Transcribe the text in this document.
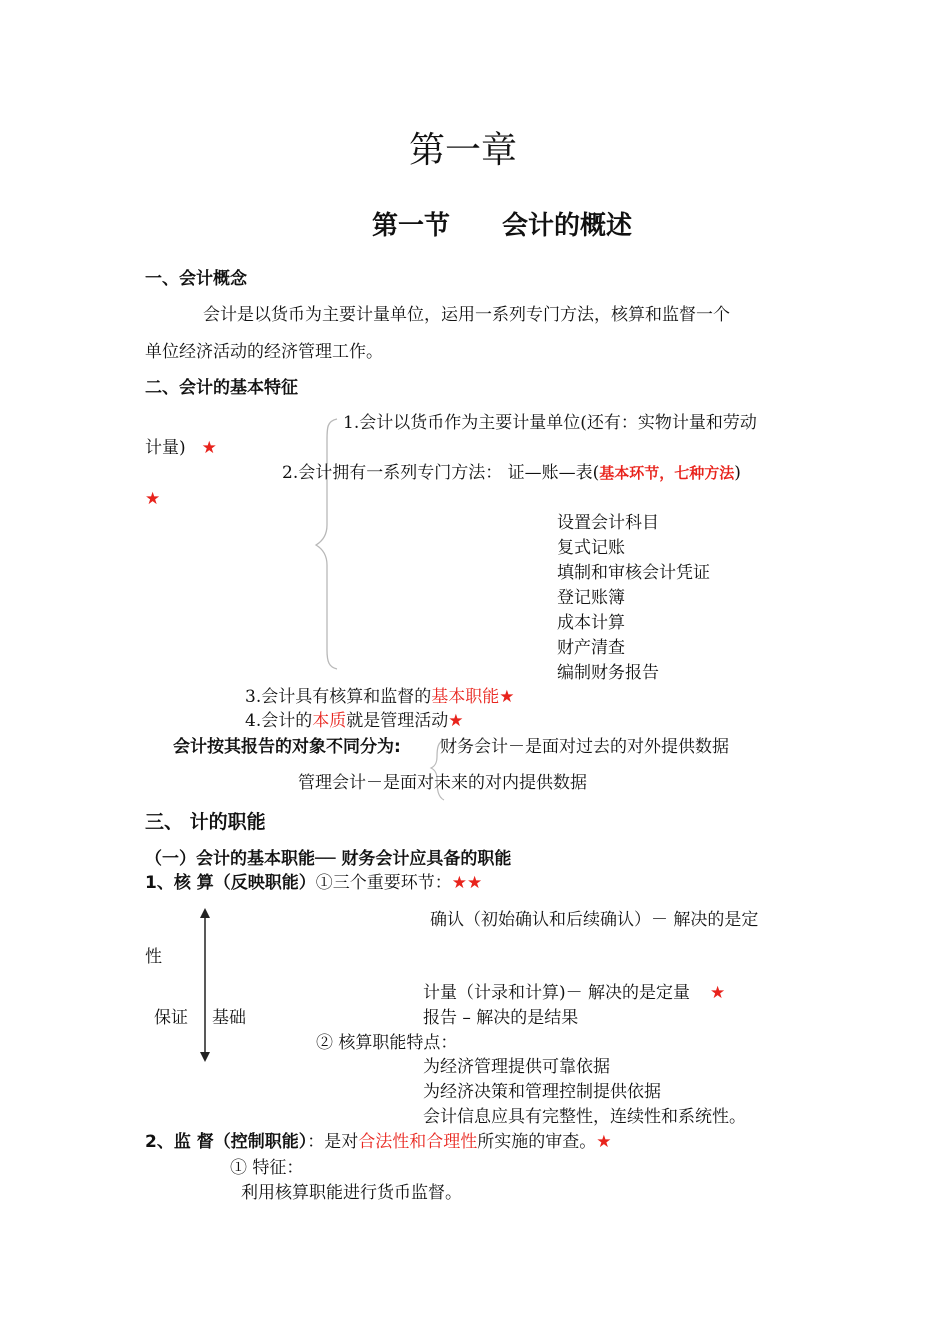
第一章
第一节 会计的概述
一、会计概念
会计是以货币为主要计量单位，运用一系列专门方法，核算和监督一个
单位经济活动的经济管理工作。
二、会计的基本特征
1.会计以货币作为主要计量单位(还有：实物计量和劳动
计量) ★
2.会计拥有一系列专门方法： 证—账—表(基本环节，七种方法)
★
设置会计科目
复式记账
填制和审核会计凭证
登记账簿
成本计算
财产清查
编制财务报告
3.会计具有核算和监督的基本职能★
4.会计的本质就是管理活动★
会计按其报告的对象不同分为: 财务会计－是面对过去的对外提供数据
管理会计－是面对未来的对内提供数据
三、 计的职能
（一）会计的基本职能── 财务会计应具备的职能
1、核 算（反映职能）①三个重要环节：★★
确认（初始确认和后续确认）－ 解决的是定
性
计量（计录和计算)－ 解决的是定量 ★
保证 基础	报告 – 解决的是结果
② 核算职能特点：
为经济管理提供可靠依据
为经济决策和管理控制提供依据
会计信息应具有完整性，连续性和系统性。
2、监 督（控制职能）：是对合法性和合理性所实施的审查。★
① 特征：
利用核算职能进行货币监督。
